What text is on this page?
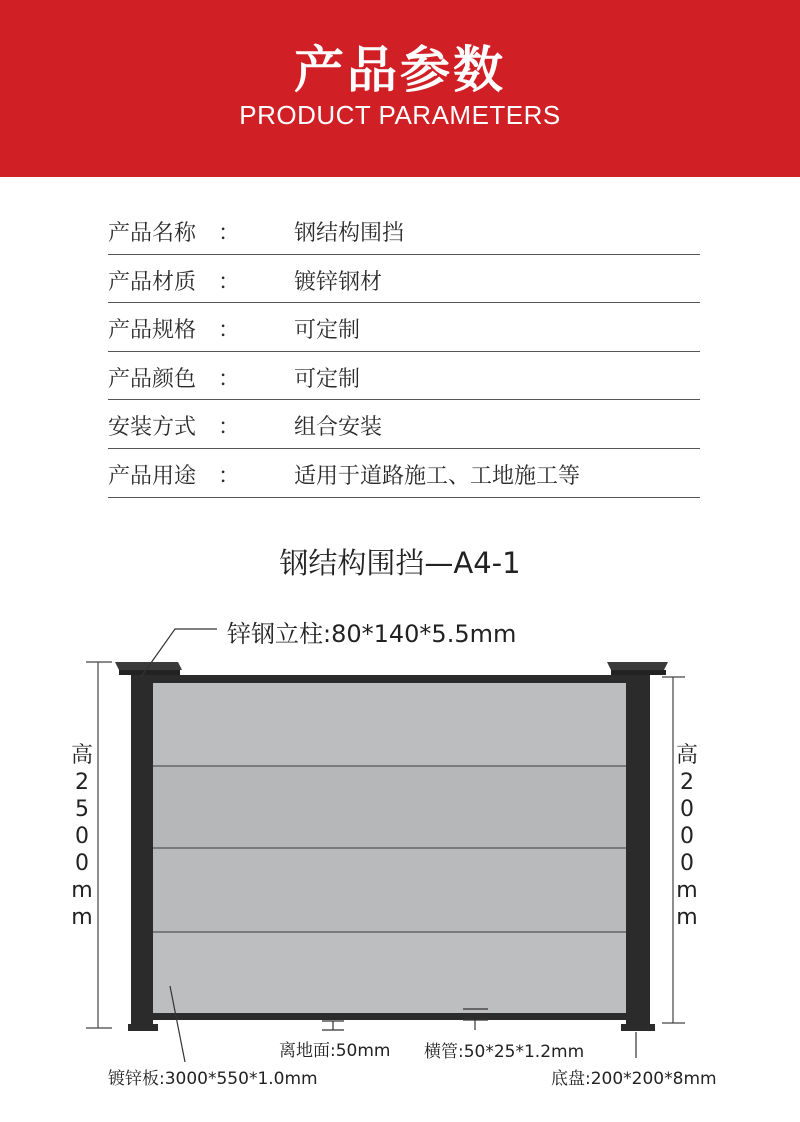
产品参数
PRODUCT PARAMETERS
产品名称 ： 钢结构围挡
产品材质 ： 镀锌钢材
产品规格 ： 可定制
产品颜色 ： 可定制
安装方式 ： 组合安装
产品用途 ： 适用于道路施工、工地施工等
钢结构围挡—A4-1
锌钢立柱:80*140*5.5mm
高2500mm
高2000mm
离地面:50mm 横管:50*25*1.2mm
镀锌板:3000*550*1.0mm	底盘:200*200*8mm
